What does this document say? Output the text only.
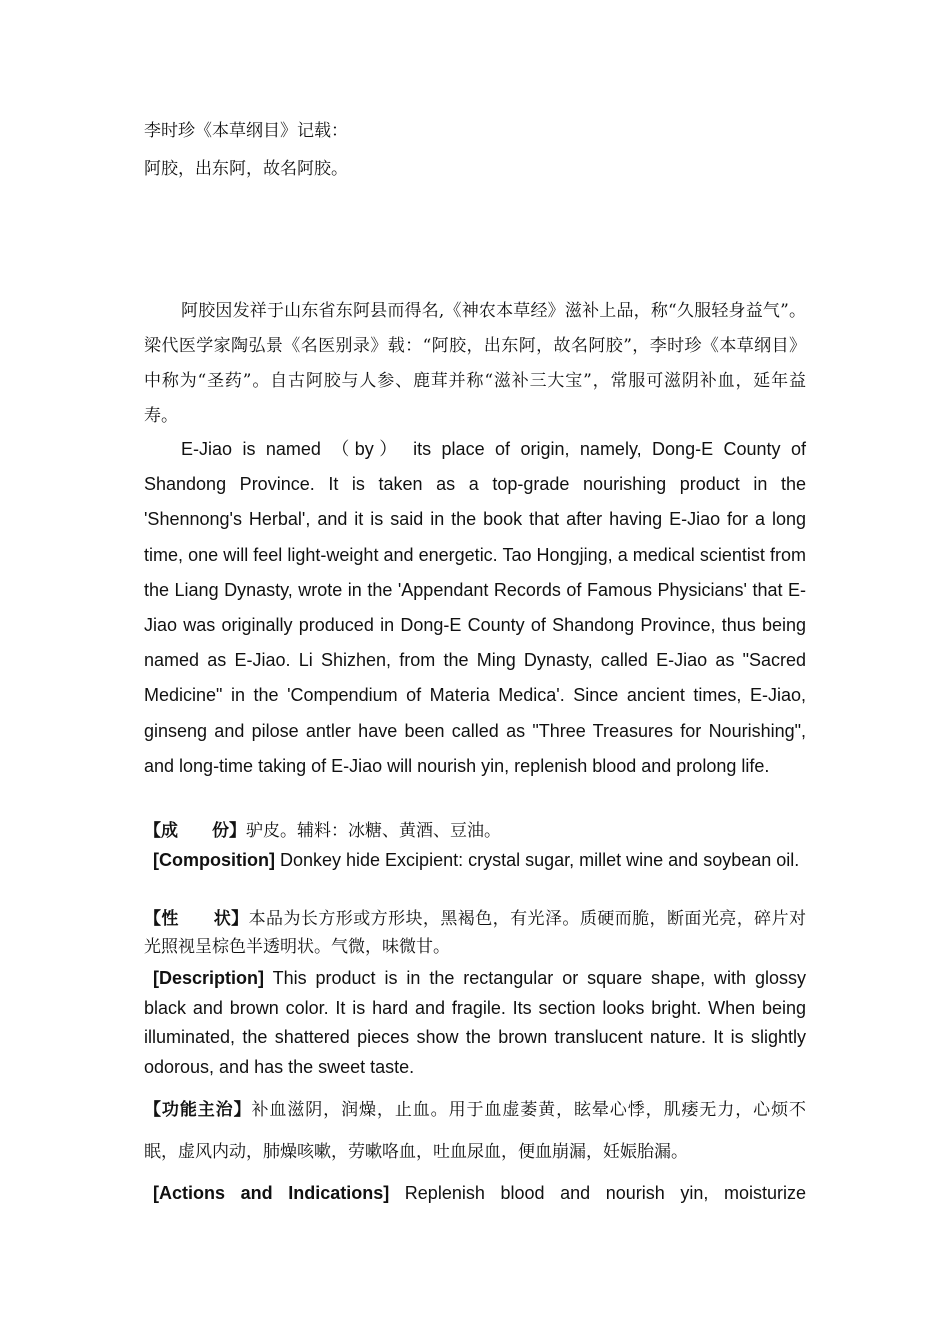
李时珍《本草纲目》记载：

阿胶，出东阿，故名阿胶。

阿胶因发祥于山东省东阿县而得名,《神农本草经》滋补上品，称“久服轻身益气”。梁代医学家陶弘景《名医别录》载：“阿胶，出东阿，故名阿胶”，李时珍《本草纲目》中称为“圣药”。自古阿胶与人参、鹿茸并称“滋补三大宝”，常服可滋阴补血，延年益寿。

E-Jiao is named （by） its place of origin, namely, Dong-E County of Shandong Province. It is taken as a top-grade nourishing product in the 'Shennong's Herbal', and it is said in the book that after having E-Jiao for a long time, one will feel light-weight and energetic. Tao Hongjing, a medical scientist from the Liang Dynasty, wrote in the 'Appendant Records of Famous Physicians' that E-Jiao was originally produced in Dong-E County of Shandong Province, thus being named as E-Jiao. Li Shizhen, from the Ming Dynasty, called E-Jiao as "Sacred Medicine" in the 'Compendium of Materia Medica'. Since ancient times, E-Jiao, ginseng and pilose antler have been called as "Three Treasures for Nourishing", and long-time taking of E-Jiao will nourish yin, replenish blood and prolong life.

【成　　份】驴皮。辅料：冰糖、黄酒、豆油。

[Composition] Donkey hide Excipient: crystal sugar, millet wine and soybean oil.

【性　　状】本品为长方形或方形块，黑褐色，有光泽。质硬而脆，断面光亮，碎片对光照视呈棕色半透明状。气微，味微甘。

[Description] This product is in the rectangular or square shape, with glossy black and brown color. It is hard and fragile. Its section looks bright. When being illuminated, the shattered pieces show the brown translucent nature. It is slightly odorous, and has the sweet taste.

【功能主治】补血滋阴，润燥，止血。用于血虚萎黄，眩晕心悸，肌痿无力，心烦不眠，虚风内动，肺燥咳嗽，劳嗽咯血，吐血尿血，便血崩漏，妊娠胎漏。

[Actions and Indications] Replenish blood and nourish yin, moisturize
